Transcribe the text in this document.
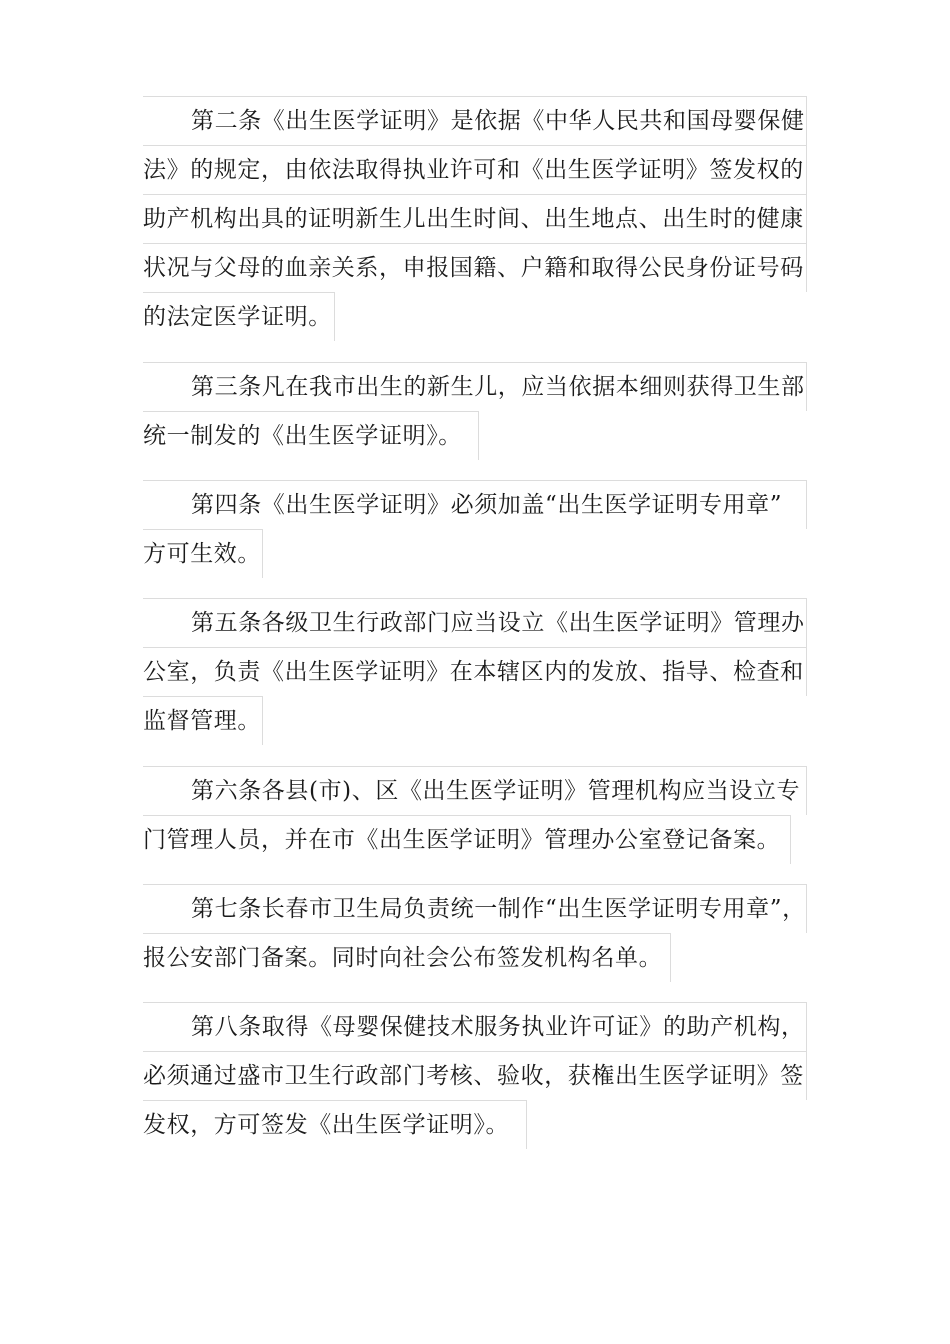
第二条《出生医学证明》是依据《中华人民共和国母婴保健
法》的规定，由依法取得执业许可和《出生医学证明》签发权的
助产机构出具的证明新生儿出生时间、出生地点、出生时的健康
状况与父母的血亲关系，申报国籍、户籍和取得公民身份证号码
的法定医学证明。
第三条凡在我市出生的新生儿，应当依据本细则获得卫生部
统一制发的《出生医学证明》。
第四条《出生医学证明》必须加盖“出生医学证明专用章”
方可生效。
第五条各级卫生行政部门应当设立《出生医学证明》管理办
公室，负责《出生医学证明》在本辖区内的发放、指导、检查和
监督管理。
第六条各县(市)、区《出生医学证明》管理机构应当设立专
门管理人员，并在市《出生医学证明》管理办公室登记备案。
第七条长春市卫生局负责统一制作“出生医学证明专用章”，
报公安部门备案。同时向社会公布签发机构名单。
第八条取得《母婴保健技术服务执业许可证》的助产机构，
必须通过盛市卫生行政部门考核、验收，获権出生医学证明》签
发权，方可签发《出生医学证明》。
